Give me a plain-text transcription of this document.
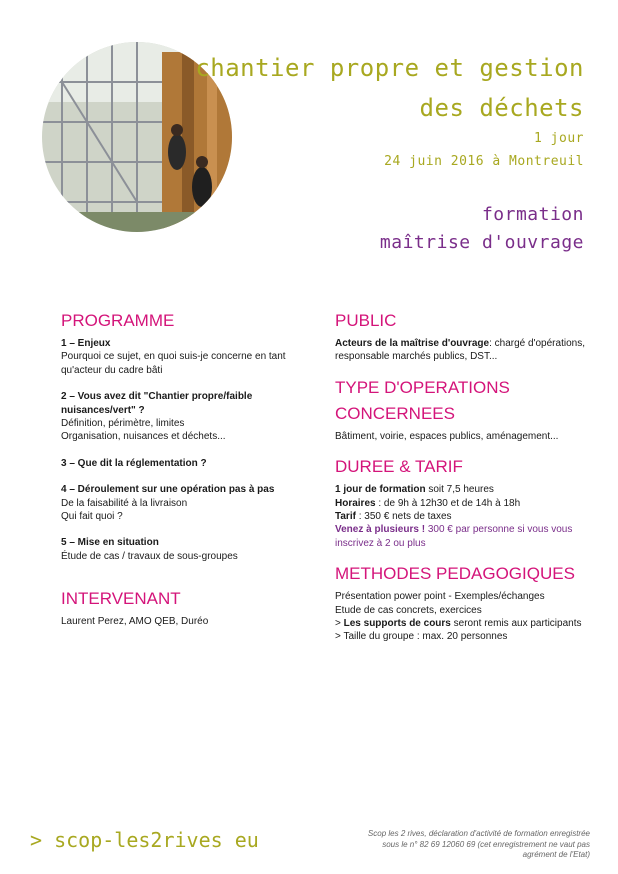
chantier propre et gestion
des déchets
1 jour
24 juin 2016 à Montreuil
formation
maîtrise d'ouvrage
PROGRAMME
1 – Enjeux
Pourquoi ce sujet, en quoi suis-je concerne en tant qu'acteur du cadre bâti
2 – Vous avez dit "Chantier propre/faible nuisances/vert" ?
Définition, périmètre, limites
Organisation, nuisances et déchets...
3 – Que dit la réglementation ?
4 – Déroulement sur une opération pas à pas
De la faisabilité à la livraison
Qui fait quoi ?
5 – Mise en situation
Étude de cas / travaux de sous-groupes
INTERVENANT
Laurent Perez, AMO QEB, Duréo
PUBLIC
Acteurs de la maîtrise d'ouvrage: chargé d'opérations, responsable marchés publics, DST...
TYPE D'OPERATIONS
CONCERNEES
Bâtiment, voirie, espaces publics, aménagement...
DUREE & TARIF
1 jour de formation soit 7,5 heures
Horaires : de 9h à 12h30 et de 14h à 18h
Tarif : 350 € nets de taxes
Venez à plusieurs ! 300 € par personne si vous vous inscrivez à 2 ou plus
METHODES PEDAGOGIQUES
Présentation power point - Exemples/échanges
Etude de cas concrets, exercices
> Les supports de cours seront remis aux participants
> Taille du groupe : max. 20 personnes
> scop-les2rives eu	Scop les 2 rives, déclaration d'activité de formation enregistrée sous le n° 82 69 12060 69 (cet enregistrement ne vaut pas agrément de l'Etat)
